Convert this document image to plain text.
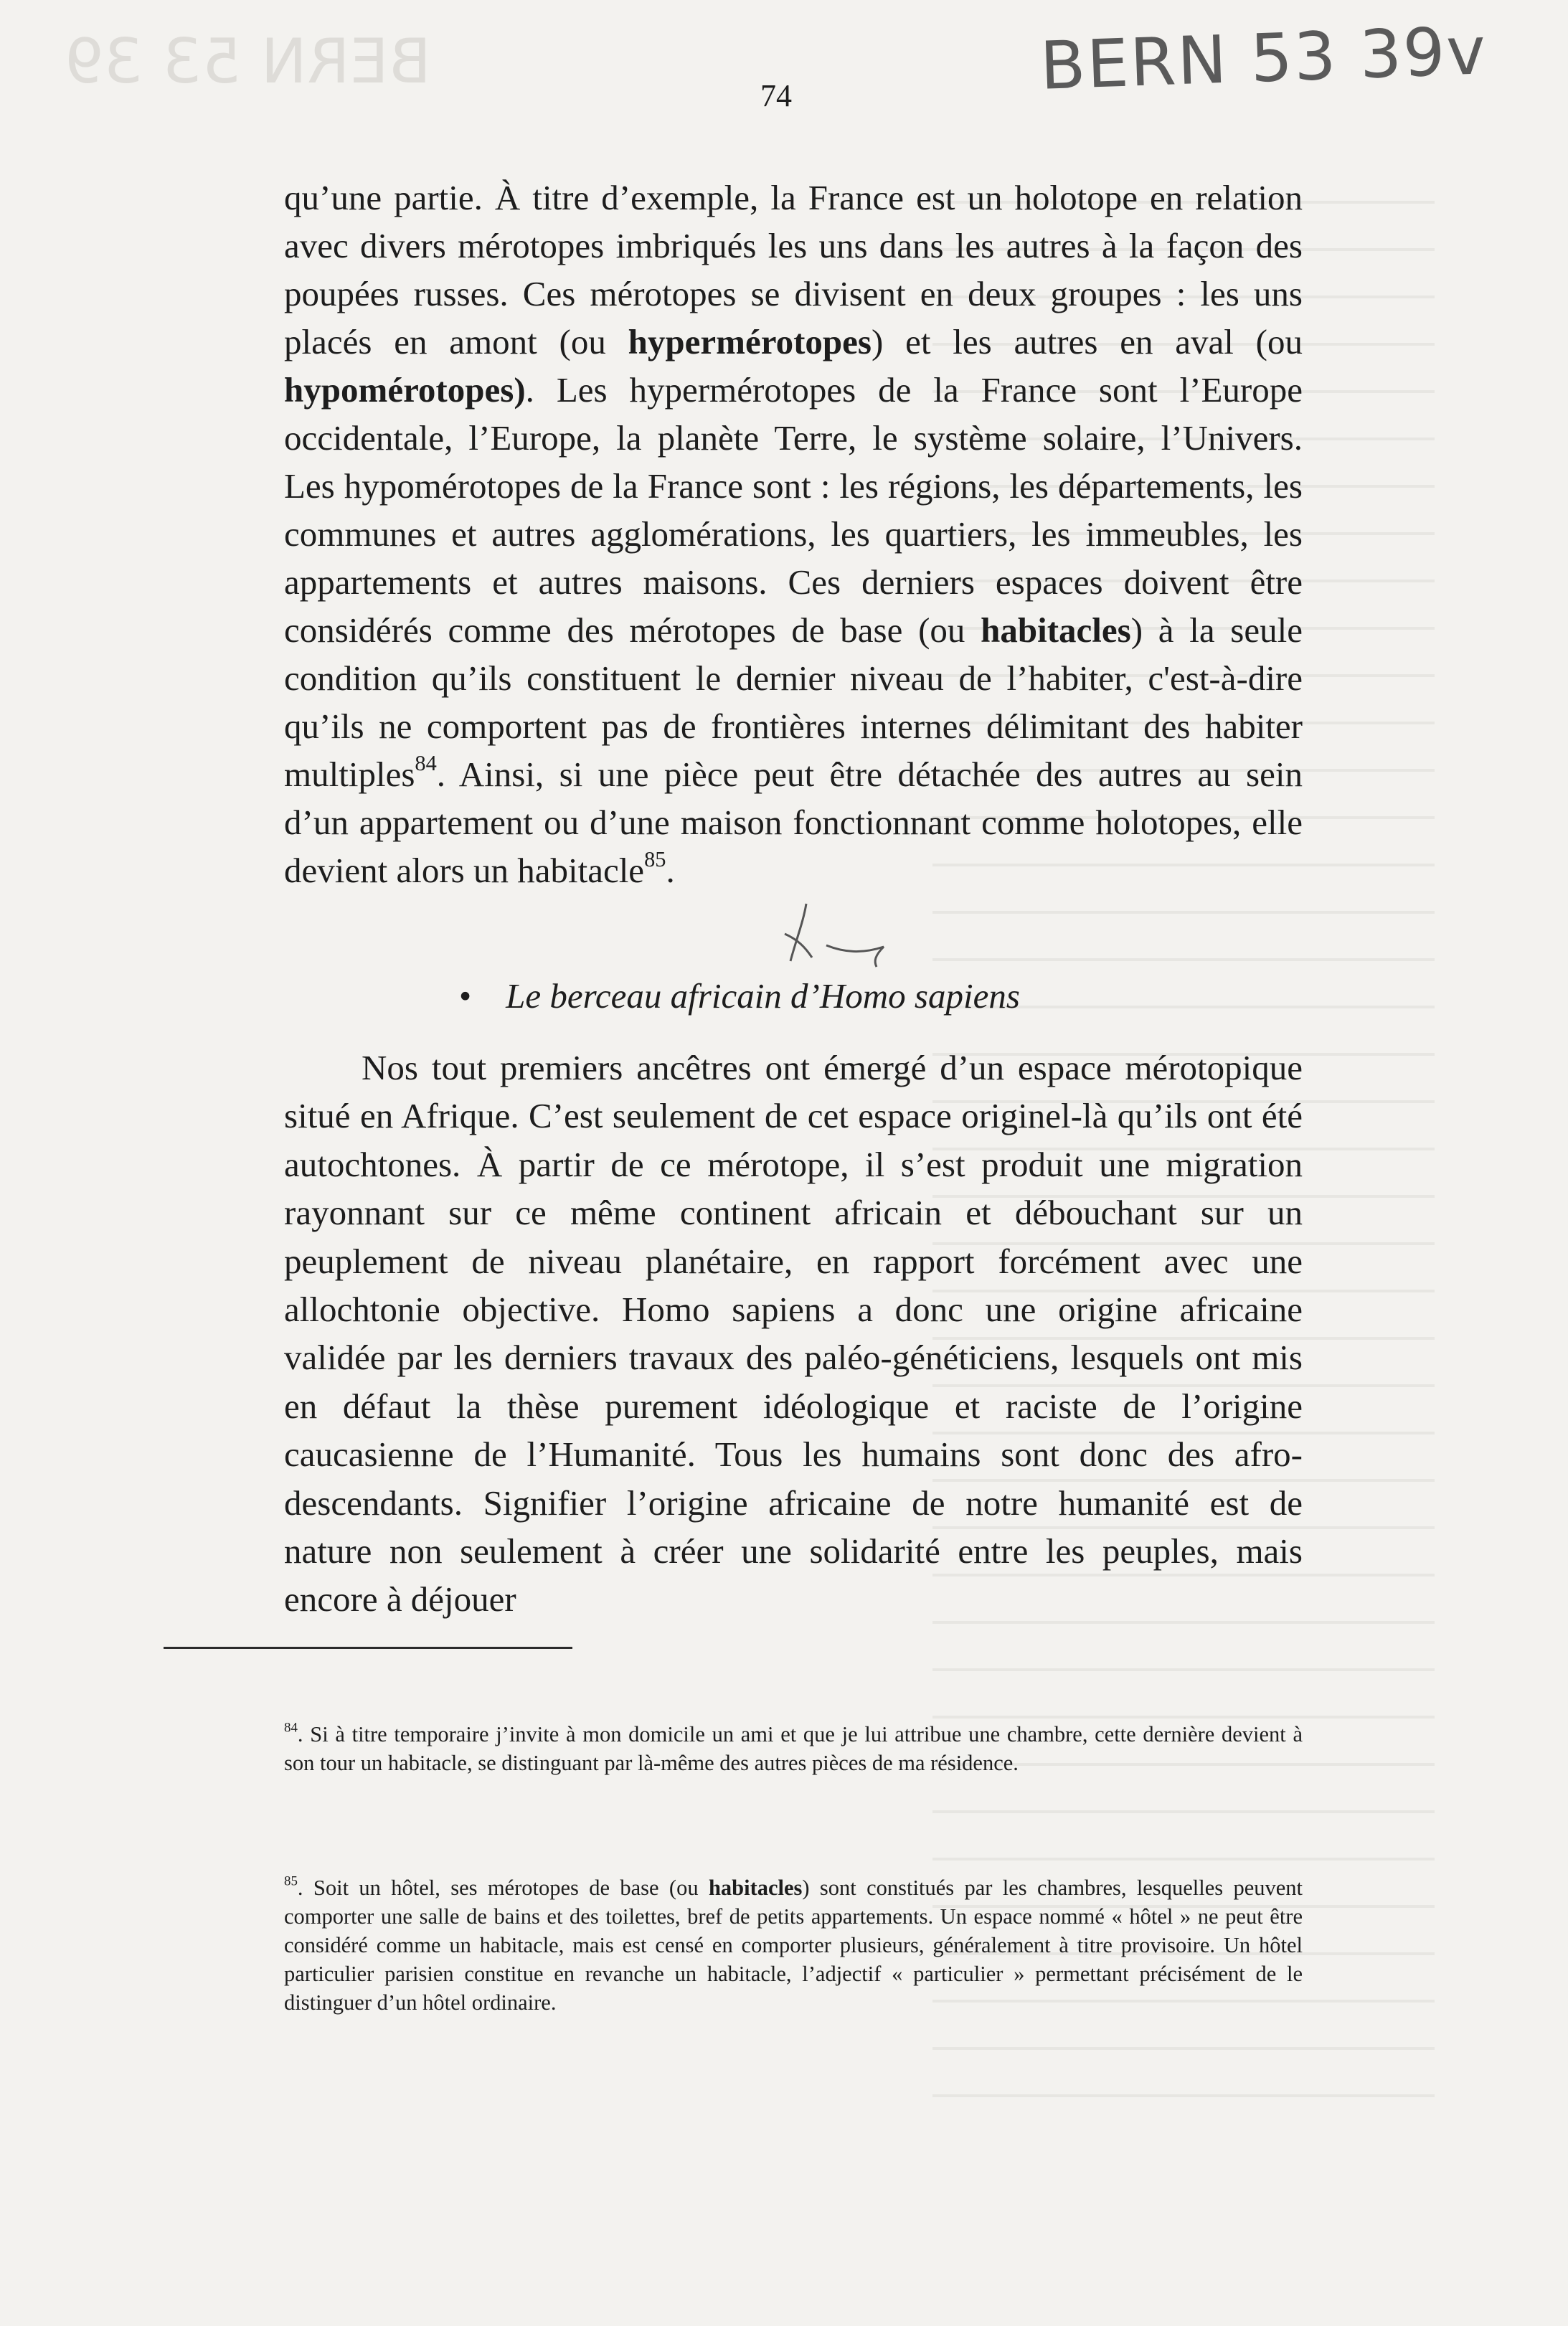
BERN 53 39	74	BERN 53 39v

qu’une partie. À titre d’exemple, la France est un holotope en relation avec divers mérotopes imbriqués les uns dans les autres à la façon des poupées russes. Ces mérotopes se divisent en deux groupes : les uns placés en amont (ou hypermérotopes) et les autres en aval (ou hypomérotopes). Les hypermérotopes de la France sont l’Europe occidentale, l’Europe, la planète Terre, le système solaire, l’Univers. Les hypomérotopes de la France sont : les régions, les départements, les communes et autres agglomérations, les quartiers, les immeubles, les appartements et autres maisons. Ces derniers espaces doivent être considérés comme des mérotopes de base (ou habitacles) à la seule condition qu’ils constituent le dernier niveau de l’habiter, c'est-à-dire qu’ils ne comportent pas de frontières internes délimitant des habiter multiples$^{84}$. Ainsi, si une pièce peut être détachée des autres au sein d’un appartement ou d’une maison fonctionnant comme holotopes, elle devient alors un habitacle$^{85}$.

• Le berceau africain d’Homo sapiens
Nos tout premiers ancêtres ont émergé d’un espace mérotopique situé en Afrique. C’est seulement de cet espace originel-là qu’ils ont été autochtones. À partir de ce mérotope, il s’est produit une migration rayonnant sur ce même continent africain et débouchant sur un peuplement de niveau planétaire, en rapport forcément avec une allochtonie objective. Homo sapiens a donc une origine africaine validée par les derniers travaux des paléo-généticiens, lesquels ont mis en défaut la thèse purement idéologique et raciste de l’origine caucasienne de l’Humanité. Tous les humains sont donc des afro-descendants. Signifier l’origine africaine de notre humanité est de nature non seulement à créer une solidarité entre les peuples, mais encore à déjouer
$^{84}$. Si à titre temporaire j’invite à mon domicile un ami et que je lui attribue une chambre, cette dernière devient à son tour un habitacle, se distinguant par là-même des autres pièces de ma résidence.
$^{85}$. Soit un hôtel, ses mérotopes de base (ou habitacles) sont constitués par les chambres, lesquelles peuvent comporter une salle de bains et des toilettes, bref de petits appartements. Un espace nommé « hôtel » ne peut être considéré comme un habitacle, mais est censé en comporter plusieurs, généralement à titre provisoire. Un hôtel particulier parisien constitue en revanche un habitacle, l’adjectif « particulier » permettant précisément de le distinguer d’un hôtel ordinaire.
